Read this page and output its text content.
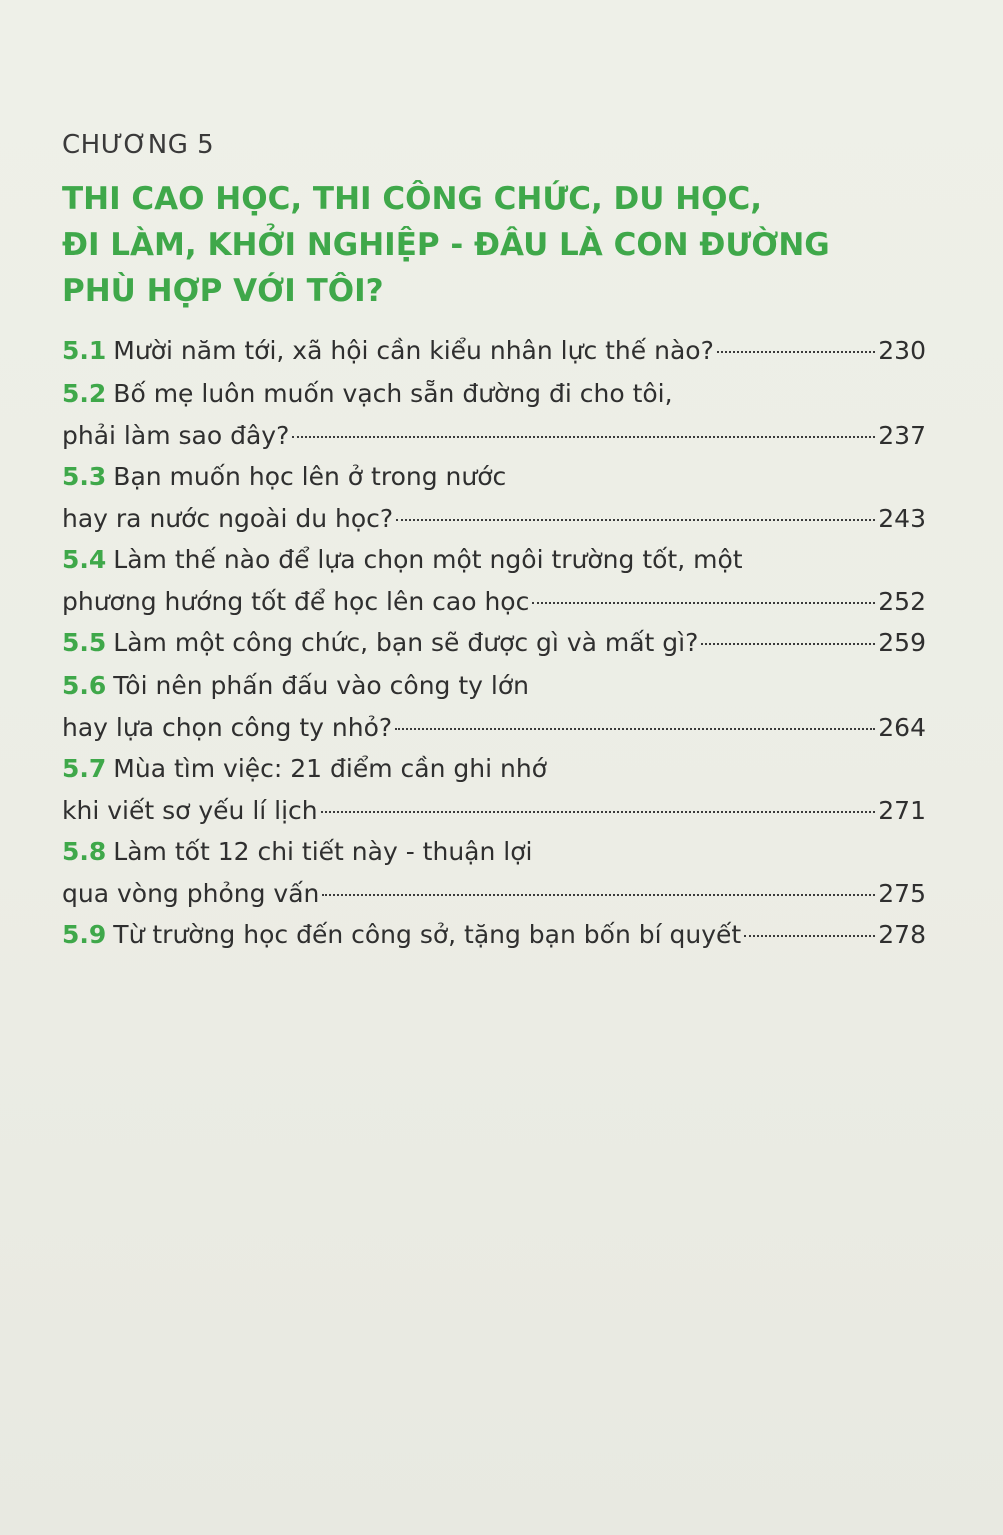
CHƯƠNG 5
THI CAO HỌC, THI CÔNG CHỨC, DU HỌC,
ĐI LÀM, KHỞI NGHIỆP - ĐÂU LÀ CON ĐƯỜNG
PHÙ HỢP VỚI TÔI?
5.1 Mười năm tới, xã hội cần kiểu nhân lực thế nào?	230
5.2 Bố mẹ luôn muốn vạch sẵn đường đi cho tôi,
phải làm sao đây?	237
5.3 Bạn muốn học lên ở trong nước
hay ra nước ngoài du học?	243
5.4 Làm thế nào để lựa chọn một ngôi trường tốt, một
phương hướng tốt để học lên cao học	252
5.5 Làm một công chức, bạn sẽ được gì và mất gì?	259
5.6 Tôi nên phấn đấu vào công ty lớn
hay lựa chọn công ty nhỏ?	264
5.7 Mùa tìm việc: 21 điểm cần ghi nhớ
khi viết sơ yếu lí lịch	271
5.8 Làm tốt 12 chi tiết này - thuận lợi
qua vòng phỏng vấn	275
5.9 Từ trường học đến công sở, tặng bạn bốn bí quyết	278
